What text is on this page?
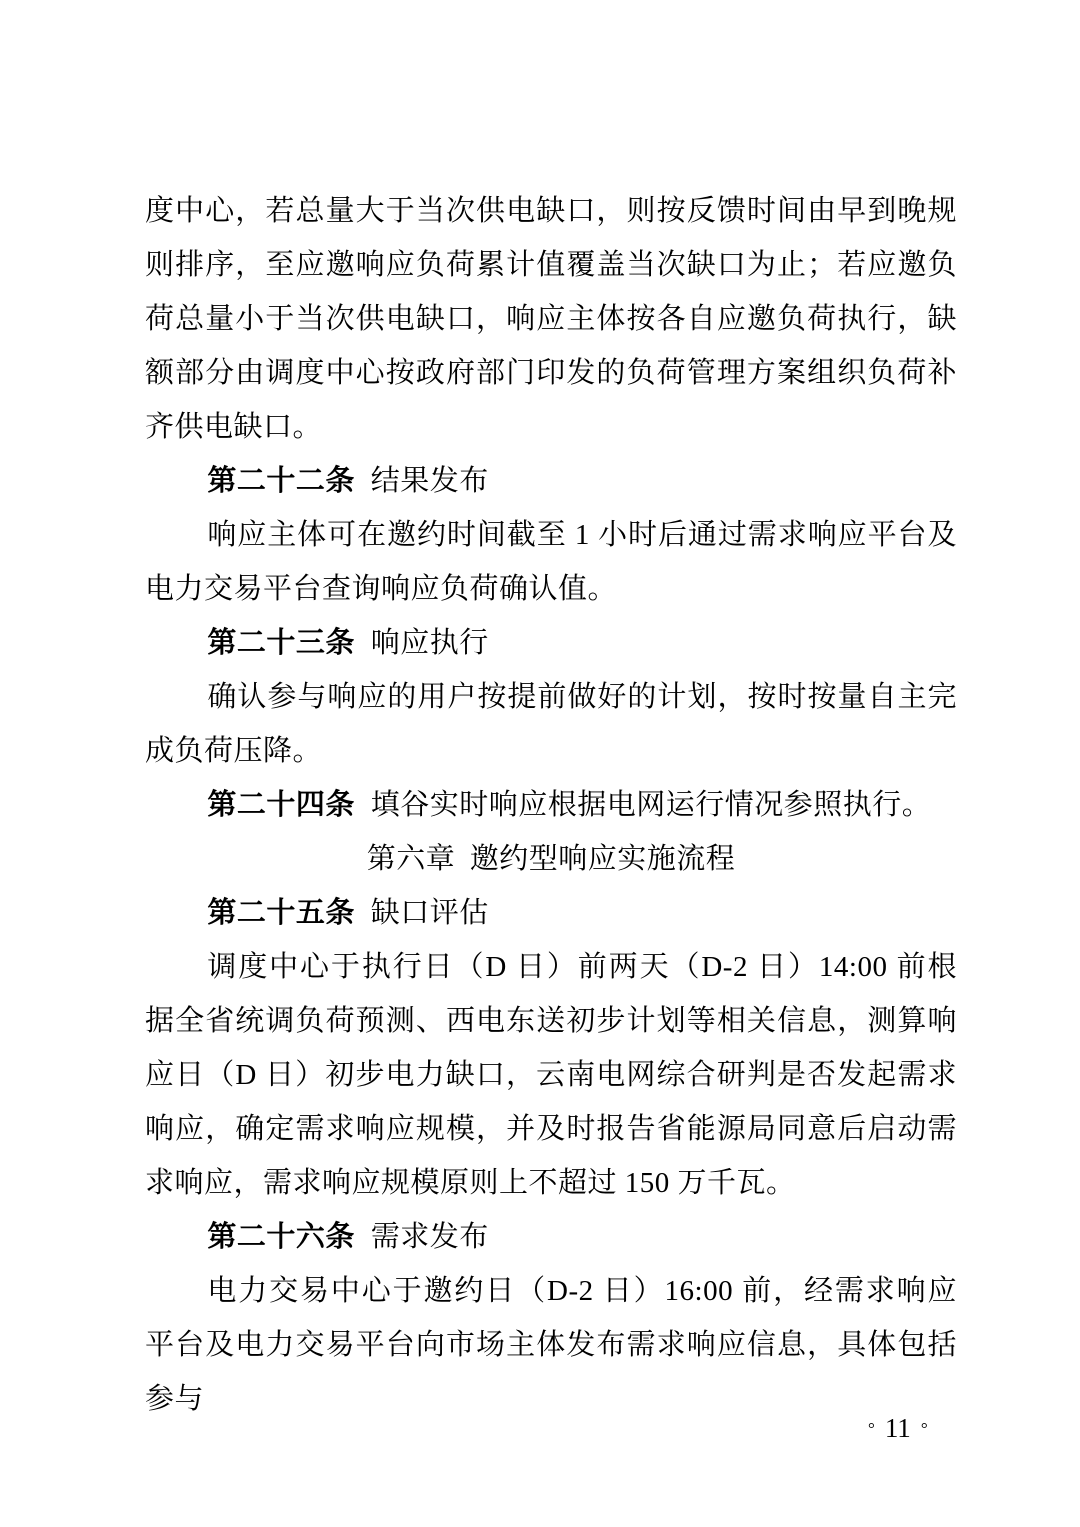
度中心，若总量大于当次供电缺口，则按反馈时间由早到晚规则排序，至应邀响应负荷累计值覆盖当次缺口为止；若应邀负荷总量小于当次供电缺口，响应主体按各自应邀负荷执行，缺额部分由调度中心按政府部门印发的负荷管理方案组织负荷补齐供电缺口。

第二十二条 结果发布

响应主体可在邀约时间截至 1 小时后通过需求响应平台及电力交易平台查询响应负荷确认值。

第二十三条 响应执行

确认参与响应的用户按提前做好的计划，按时按量自主完成负荷压降。

第二十四条 填谷实时响应根据电网运行情况参照执行。

第六章 邀约型响应实施流程

第二十五条 缺口评估

调度中心于执行日（D 日）前两天（D-2 日）14:00 前根据全省统调负荷预测、西电东送初步计划等相关信息，测算响应日（D 日）初步电力缺口，云南电网综合研判是否发起需求响应，确定需求响应规模，并及时报告省能源局同意后启动需求响应，需求响应规模原则上不超过 150 万千瓦。

第二十六条 需求发布

电力交易中心于邀约日（D-2 日）16:00 前，经需求响应平台及电力交易平台向市场主体发布需求响应信息，具体包括参与

° 11 °
